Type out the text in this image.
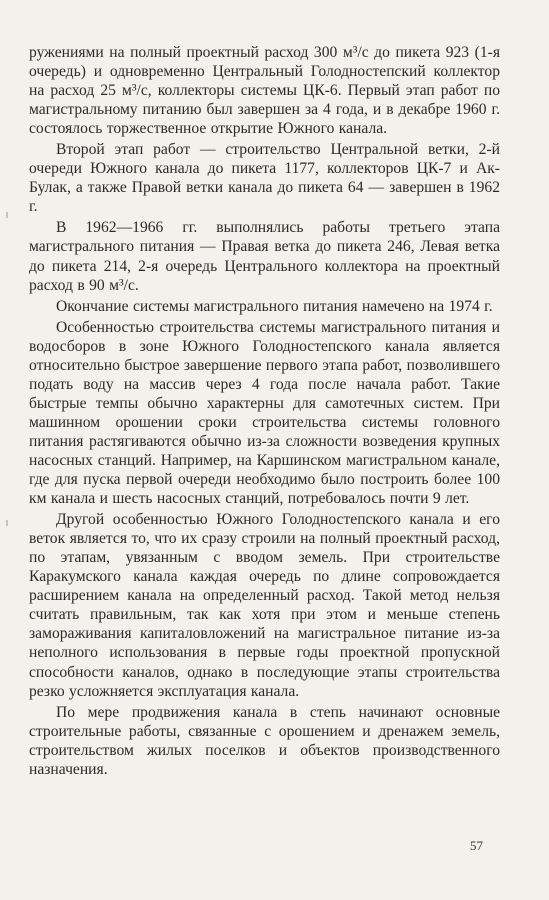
ружениями на полный проектный расход 300 м³/с до пикета 923 (1-я очередь) и одновременно Центральный Голодностепский коллектор на расход 25 м³/с, коллекторы системы ЦК-6. Первый этап работ по магистральному питанию был завершен за 4 года, и в декабре 1960 г. состоялось торжественное открытие Южного канала.

Второй этап работ — строительство Центральной ветки, 2-й очереди Южного канала до пикета 1177, коллекторов ЦК-7 и Ак-Булак, а также Правой ветки канала до пикета 64 — завершен в 1962 г.

В 1962—1966 гг. выполнялись работы третьего этапа магистрального питания — Правая ветка до пикета 246, Левая ветка до пикета 214, 2-я очередь Центрального коллектора на проектный расход в 90 м³/с.

Окончание системы магистрального питания намечено на 1974 г.

Особенностью строительства системы магистрального питания и водосборов в зоне Южного Голодностепского канала является относительно быстрое завершение первого этапа работ, позволившего подать воду на массив через 4 года после начала работ. Такие быстрые темпы обычно характерны для самотечных систем. При машинном орошении сроки строительства системы головного питания растягиваются обычно из-за сложности возведения крупных насосных станций. Например, на Каршинском магистральном канале, где для пуска первой очереди необходимо было построить более 100 км канала и шесть насосных станций, потребовалось почти 9 лет.

Другой особенностью Южного Голодностепского канала и его веток является то, что их сразу строили на полный проектный расход, по этапам, увязанным с вводом земель. При строительстве Каракумского канала каждая очередь по длине сопровождается расширением канала на определенный расход. Такой метод нельзя считать правильным, так как хотя при этом и меньше степень замораживания капиталовложений на магистральное питание из-за неполного использования в первые годы проектной пропускной способности каналов, однако в последующие этапы строительства резко усложняется эксплуатация канала.

По мере продвижения канала в степь начинают основные строительные работы, связанные с орошением и дренажем земель, строительством жилых поселков и объектов производственного назначения.

57
